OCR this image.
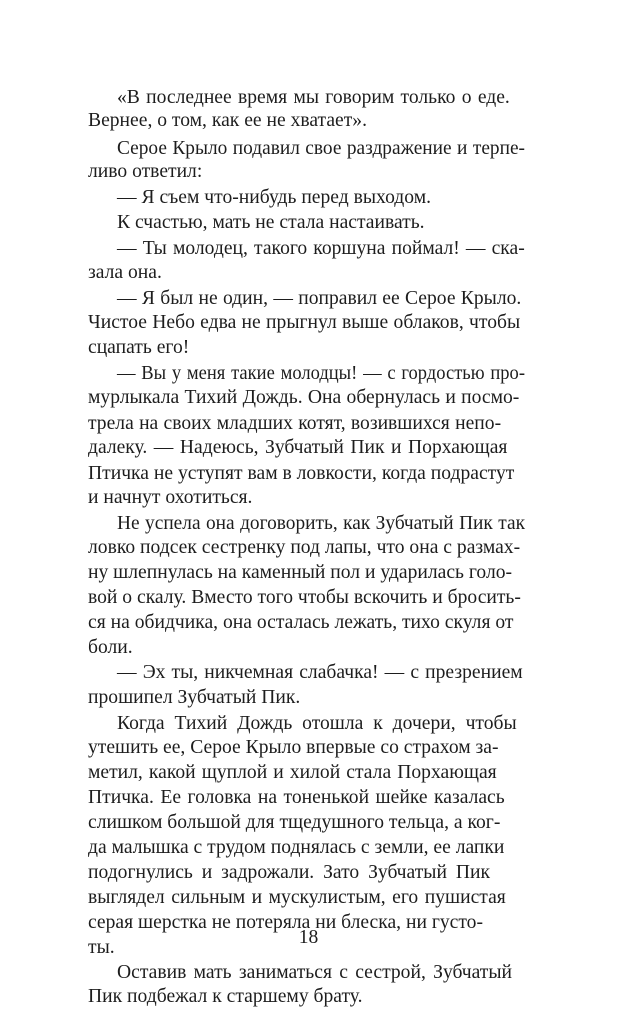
«В последнее время мы говорим только о еде.
Вернее, о том, как ее не хватает».
Серое Крыло подавил свое раздражение и терпе-
ливо ответил:
— Я съем что-нибудь перед выходом.
К счастью, мать не стала настаивать.
— Ты молодец, такого коршуна поймал! — ска-
зала она.
— Я был не один, — поправил ее Серое Крыло.
Чистое Небо едва не прыгнул выше облаков, чтобы
сцапать его!
— Вы у меня такие молодцы! — с гордостью про-
мурлыкала Тихий Дождь. Она обернулась и посмо-
трела на своих младших котят, возившихся непо-
далеку. — Надеюсь, Зубчатый Пик и Порхающая
Птичка не уступят вам в ловкости, когда подрастут
и начнут охотиться.
Не успела она договорить, как Зубчатый Пик так
ловко подсек сестренку под лапы, что она с размах-
ну шлепнулась на каменный пол и ударилась голо-
вой о скалу. Вместо того чтобы вскочить и бросить-
ся на обидчика, она осталась лежать, тихо скуля от
боли.
— Эх ты, никчемная слабачка! — с презрением
прошипел Зубчатый Пик.
Когда Тихий Дождь отошла к дочери, чтобы
утешить ее, Серое Крыло впервые со страхом за-
метил, какой щуплой и хилой стала Порхающая
Птичка. Ее головка на тоненькой шейке казалась
слишком большой для тщедушного тельца, а ког-
да малышка с трудом поднялась с земли, ее лапки
подогнулись и задрожали. Зато Зубчатый Пик
выглядел сильным и мускулистым, его пушистая
серая шерстка не потеряла ни блеска, ни густо-
ты.
Оставив мать заниматься с сестрой, Зубчатый
Пик подбежал к старшему брату.
18
